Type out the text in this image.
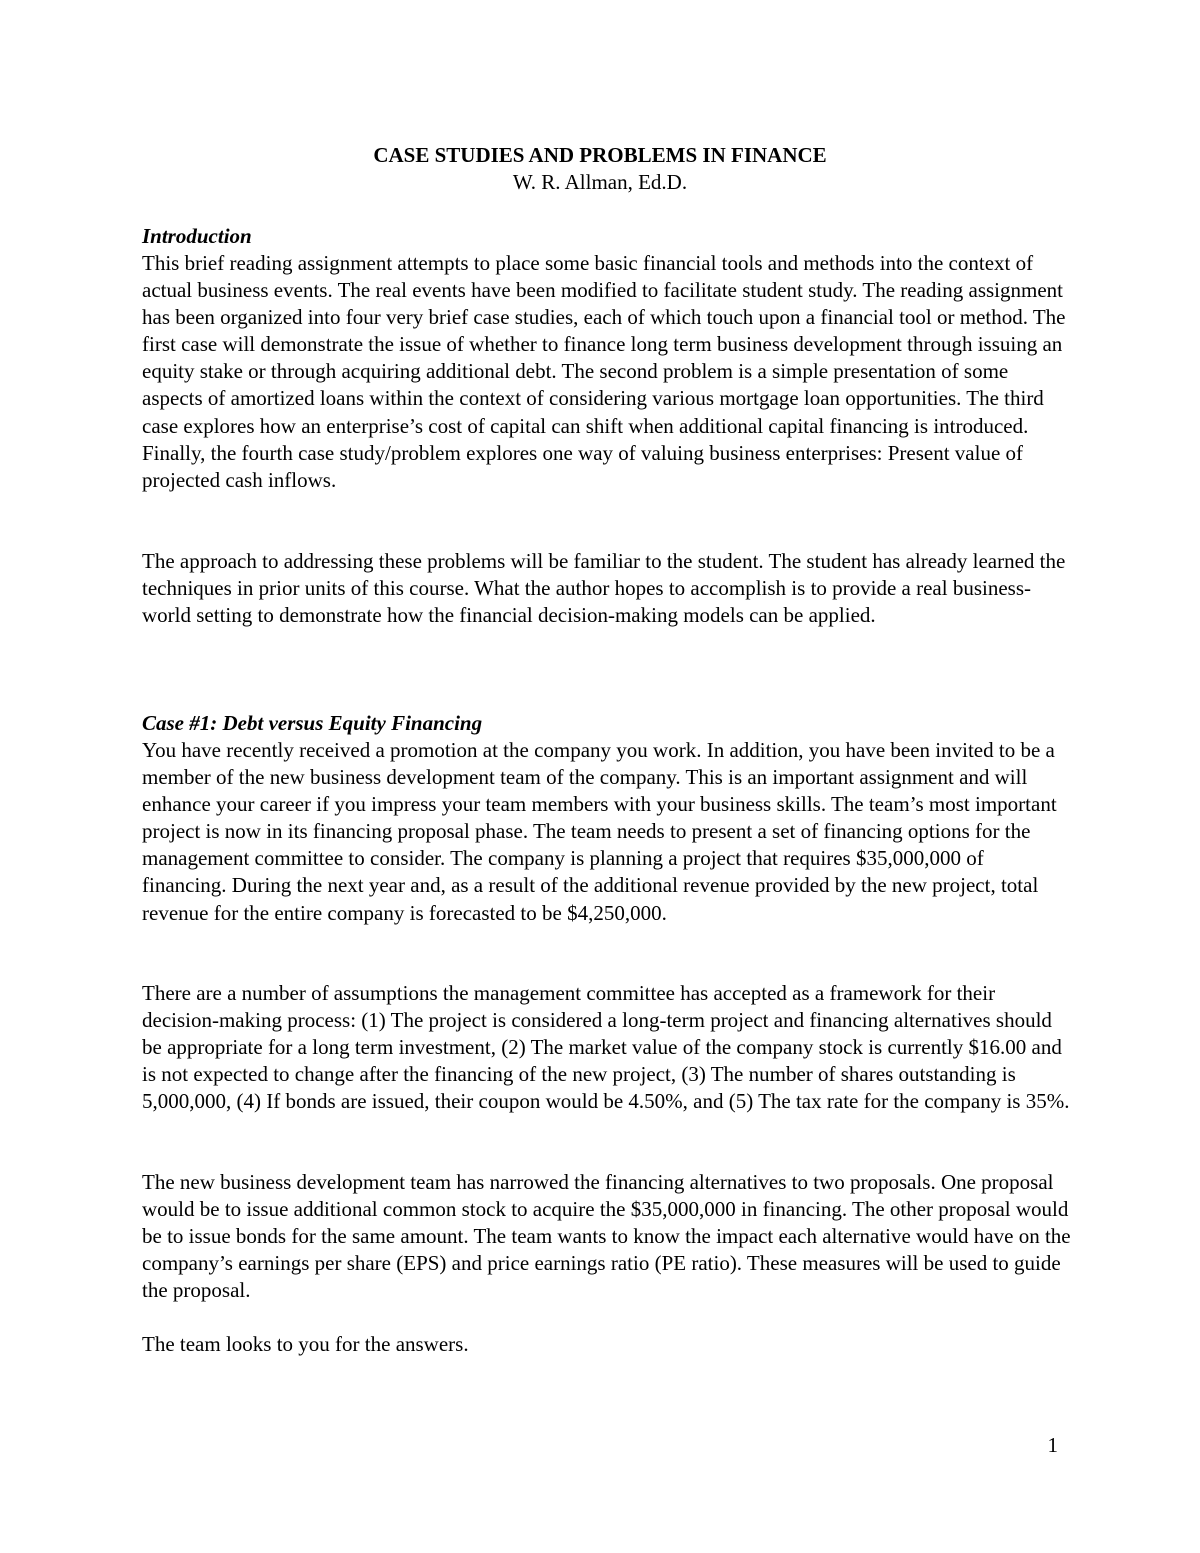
CASE STUDIES AND PROBLEMS IN FINANCE
W. R. Allman, Ed.D.
Introduction

This brief reading assignment attempts to place some basic financial tools and methods into the context of actual business events. The real events have been modified to facilitate student study. The reading assignment has been organized into four very brief case studies, each of which touch upon a financial tool or method. The first case will demonstrate the issue of whether to finance long term business development through issuing an equity stake or through acquiring additional debt. The second problem is a simple presentation of some aspects of amortized loans within the context of considering various mortgage loan opportunities. The third case explores how an enterprise’s cost of capital can shift when additional capital financing is introduced. Finally, the fourth case study/problem explores one way of valuing business enterprises: Present value of projected cash inflows.

The approach to addressing these problems will be familiar to the student. The student has already learned the techniques in prior units of this course. What the author hopes to accomplish is to provide a real business-world setting to demonstrate how the financial decision-making models can be applied.

Case #1: Debt versus Equity Financing

You have recently received a promotion at the company you work. In addition, you have been invited to be a member of the new business development team of the company. This is an important assignment and will enhance your career if you impress your team members with your business skills. The team’s most important project is now in its financing proposal phase. The team needs to present a set of financing options for the management committee to consider. The company is planning a project that requires $35,000,000 of financing. During the next year and, as a result of the additional revenue provided by the new project, total revenue for the entire company is forecasted to be $4,250,000.

There are a number of assumptions the management committee has accepted as a framework for their decision-making process: (1) The project is considered a long-term project and financing alternatives should be appropriate for a long term investment, (2) The market value of the company stock is currently $16.00 and is not expected to change after the financing of the new project, (3) The number of shares outstanding is 5,000,000, (4) If bonds are issued, their coupon would be 4.50%, and (5) The tax rate for the company is 35%.

The new business development team has narrowed the financing alternatives to two proposals. One proposal would be to issue additional common stock to acquire the $35,000,000 in financing. The other proposal would be to issue bonds for the same amount. The team wants to know the impact each alternative would have on the company’s earnings per share (EPS) and price earnings ratio (PE ratio). These measures will be used to guide the proposal.

The team looks to you for the answers.

1
